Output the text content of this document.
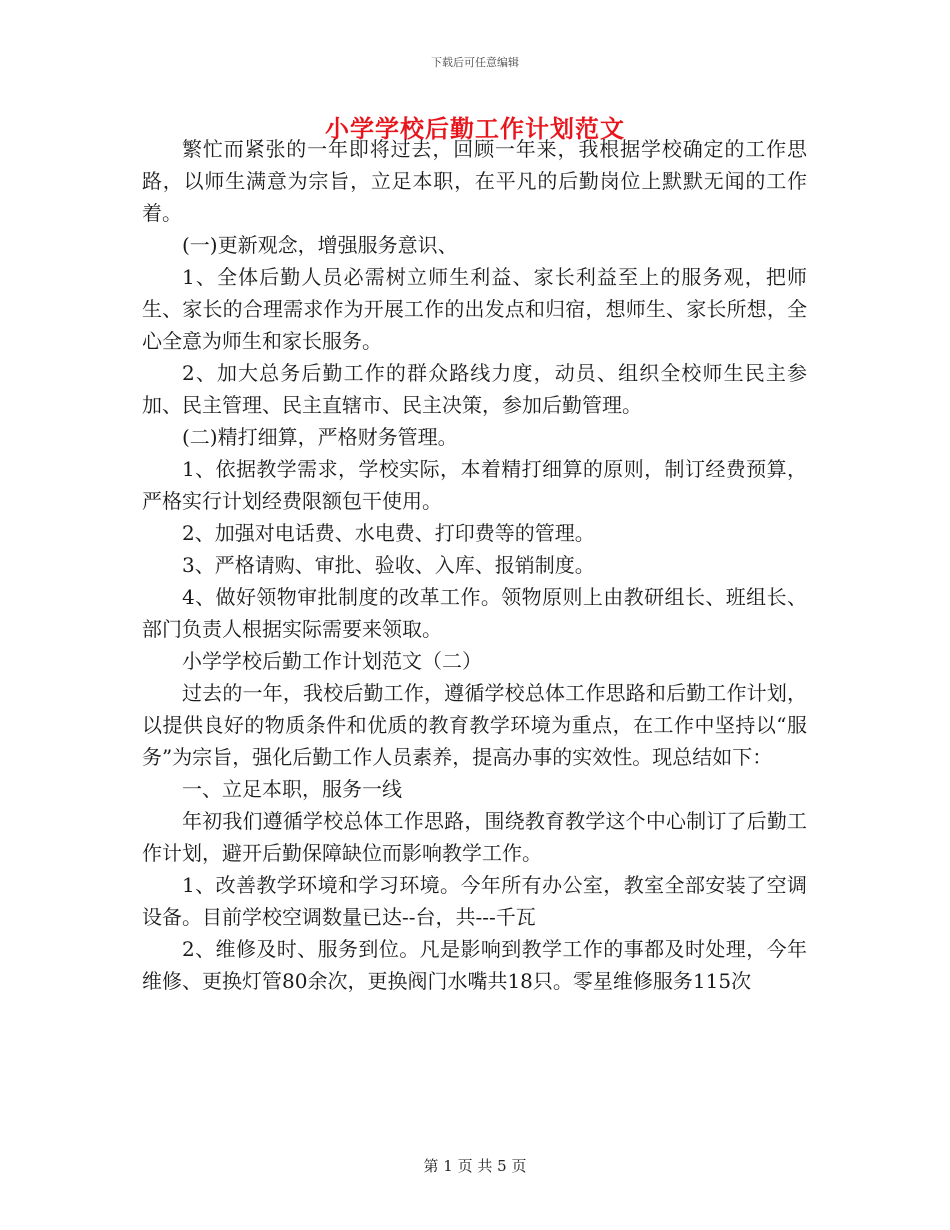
下载后可任意编辑
小学学校后勤工作计划范文

繁忙而紧张的一年即将过去，回顾一年来，我根据学校确定的工作思路，以师生满意为宗旨，立足本职，在平凡的后勤岗位上默默无闻的工作着。

(一)更新观念，增强服务意识、

1、全体后勤人员必需树立师生利益、家长利益至上的服务观，把师生、家长的合理需求作为开展工作的出发点和归宿，想师生、家长所想，全心全意为师生和家长服务。

2、加大总务后勤工作的群众路线力度，动员、组织全校师生民主参加、民主管理、民主直辖市、民主决策，参加后勤管理。

(二)精打细算，严格财务管理。

1、依据教学需求，学校实际，本着精打细算的原则，制订经费预算，严格实行计划经费限额包干使用。

2、加强对电话费、水电费、打印费等的管理。

3、严格请购、审批、验收、入库、报销制度。

4、做好领物审批制度的改革工作。领物原则上由教研组长、班组长、部门负责人根据实际需要来领取。

小学学校后勤工作计划范文（二）

过去的一年，我校后勤工作，遵循学校总体工作思路和后勤工作计划，以提供良好的物质条件和优质的教育教学环境为重点，在工作中坚持以“服务”为宗旨，强化后勤工作人员素养，提高办事的实效性。现总结如下：

一、立足本职，服务一线

年初我们遵循学校总体工作思路，围绕教育教学这个中心制订了后勤工作计划，避开后勤保障缺位而影响教学工作。

1、改善教学环境和学习环境。今年所有办公室，教室全部安装了空调设备。目前学校空调数量已达--台，共---千瓦

2、维修及时、服务到位。凡是影响到教学工作的事都及时处理，今年维修、更换灯管80余次，更换阀门水嘴共18只。零星维修服务115次

第 1 页 共 5 页
